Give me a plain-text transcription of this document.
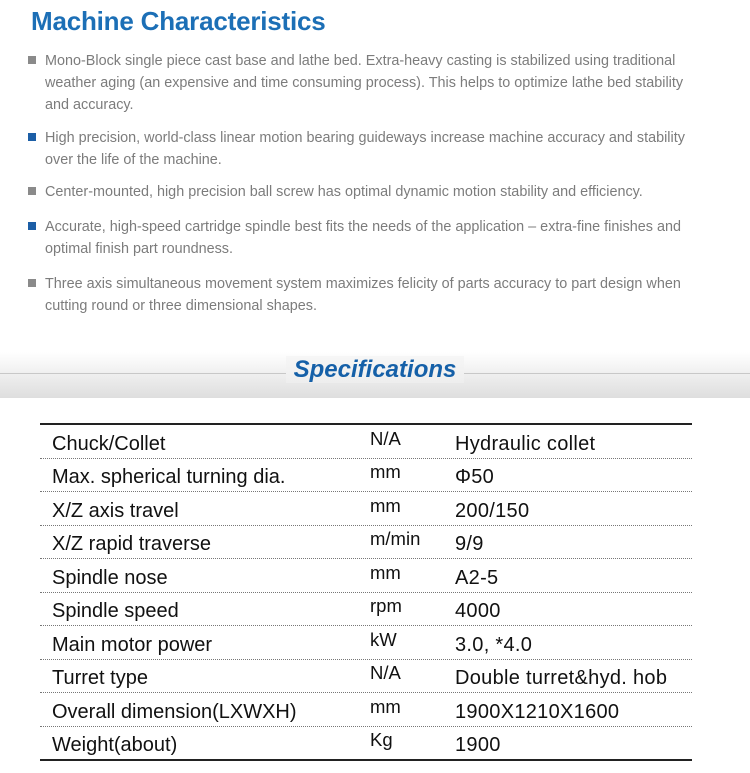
Machine Characteristics
Mono-Block single piece cast base and lathe bed. Extra-heavy casting is stabilized using traditional weather aging (an expensive and time consuming process). This helps to optimize lathe bed stability and accuracy.
High precision, world-class linear motion bearing guideways increase machine accuracy and stability over the life of the machine.
Center-mounted, high precision ball screw has optimal dynamic motion stability and efficiency.
Accurate, high-speed cartridge spindle best fits the needs of the application – extra-fine finishes and optimal finish part roundness.
Three axis simultaneous movement system maximizes felicity of parts accuracy to part design when cutting round or three dimensional shapes.
Specifications
Chuck/Collet	N/A	Hydraulic collet
Max. spherical turning dia.	mm	Φ50
X/Z axis travel	mm	200/150
X/Z rapid traverse	m/min	9/9
Spindle nose	mm	A2-5
Spindle speed	rpm	4000
Main motor power	kW	3.0, *4.0
Turret type	N/A	Double turret&hyd. hob
Overall dimension(LXWXH)	mm	1900X1210X1600
Weight(about)	Kg	1900
